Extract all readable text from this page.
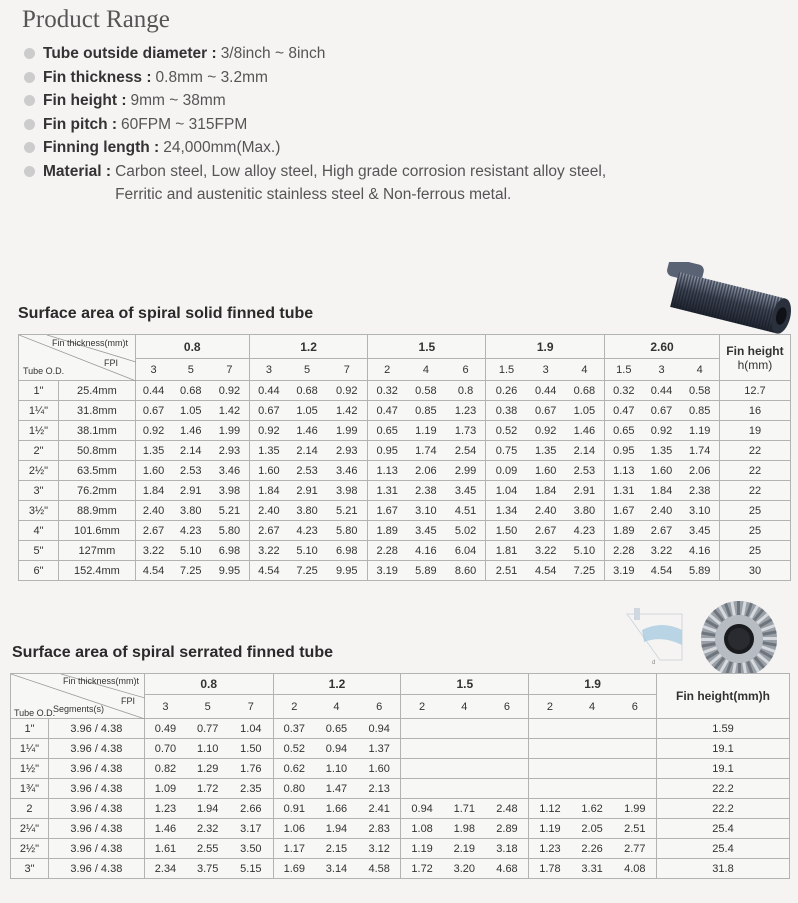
Product Range
Tube outside diameter : 3/8inch ~ 8inch
Fin thickness : 0.8mm ~ 3.2mm
Fin height : 9mm ~ 38mm
Fin pitch : 60FPM ~ 315FPM
Finning length : 24,000mm(Max.)
Material : Carbon steel, Low alloy steel, High grade corrosion resistant alloy steel,
Ferritic and austenitic stainless steel & Non-ferrous metal.
Surface area of spiral solid finned tube
Fin thickness(mm)t
FPI
Tube O.D.		0.8			1.2			1.5			1.9			2.60			Fin height
h(mm)
		3	5	7	3	5	7	2	4	6	1.5	3	4	1.5	3	4	
1"	25.4mm	0.44	0.68	0.92	0.44	0.68	0.92	0.32	0.58	0.8	0.26	0.44	0.68	0.32	0.44	0.58	12.7
1¼"	31.8mm	0.67	1.05	1.42	0.67	1.05	1.42	0.47	0.85	1.23	0.38	0.67	1.05	0.47	0.67	0.85	16
1½"	38.1mm	0.92	1.46	1.99	0.92	1.46	1.99	0.65	1.19	1.73	0.52	0.92	1.46	0.65	0.92	1.19	19
2"	50.8mm	1.35	2.14	2.93	1.35	2.14	2.93	0.95	1.74	2.54	0.75	1.35	2.14	0.95	1.35	1.74	22
2½"	63.5mm	1.60	2.53	3.46	1.60	2.53	3.46	1.13	2.06	2.99	0.09	1.60	2.53	1.13	1.60	2.06	22
3"	76.2mm	1.84	2.91	3.98	1.84	2.91	3.98	1.31	2.38	3.45	1.04	1.84	2.91	1.31	1.84	2.38	22
3½"	88.9mm	2.40	3.80	5.21	2.40	3.80	5.21	1.67	3.10	4.51	1.34	2.40	3.80	1.67	2.40	3.10	25
4"	101.6mm	2.67	4.23	5.80	2.67	4.23	5.80	1.89	3.45	5.02	1.50	2.67	4.23	1.89	2.67	3.45	25
5"	127mm	3.22	5.10	6.98	3.22	5.10	6.98	2.28	4.16	6.04	1.81	3.22	5.10	2.28	3.22	4.16	25
6"	152.4mm	4.54	7.25	9.95	4.54	7.25	9.95	3.19	5.89	8.60	2.51	4.54	7.25	3.19	4.54	5.89	30
d
Surface area of spiral serrated finned tube
Fin thickness(mm)t
FPI
Segments(s)
Tube O.D.		0.8			1.2			1.5			1.9			Fin height(mm)h
		3	5	7	2	4	6	2	4	6	2	4	6	
1"	3.96 / 4.38	0.49	0.77	1.04	0.37	0.65	0.94							1.59
1¼"	3.96 / 4.38	0.70	1.10	1.50	0.52	0.94	1.37							19.1
1½"	3.96 / 4.38	0.82	1.29	1.76	0.62	1.10	1.60							19.1
1¾"	3.96 / 4.38	1.09	1.72	2.35	0.80	1.47	2.13							22.2
2	3.96 / 4.38	1.23	1.94	2.66	0.91	1.66	2.41	0.94	1.71	2.48	1.12	1.62	1.99	22.2
2¼"	3.96 / 4.38	1.46	2.32	3.17	1.06	1.94	2.83	1.08	1.98	2.89	1.19	2.05	2.51	25.4
2½"	3.96 / 4.38	1.61	2.55	3.50	1.17	2.15	3.12	1.19	2.19	3.18	1.23	2.26	2.77	25.4
3"	3.96 / 4.38	2.34	3.75	5.15	1.69	3.14	4.58	1.72	3.20	4.68	1.78	3.31	4.08	31.8
